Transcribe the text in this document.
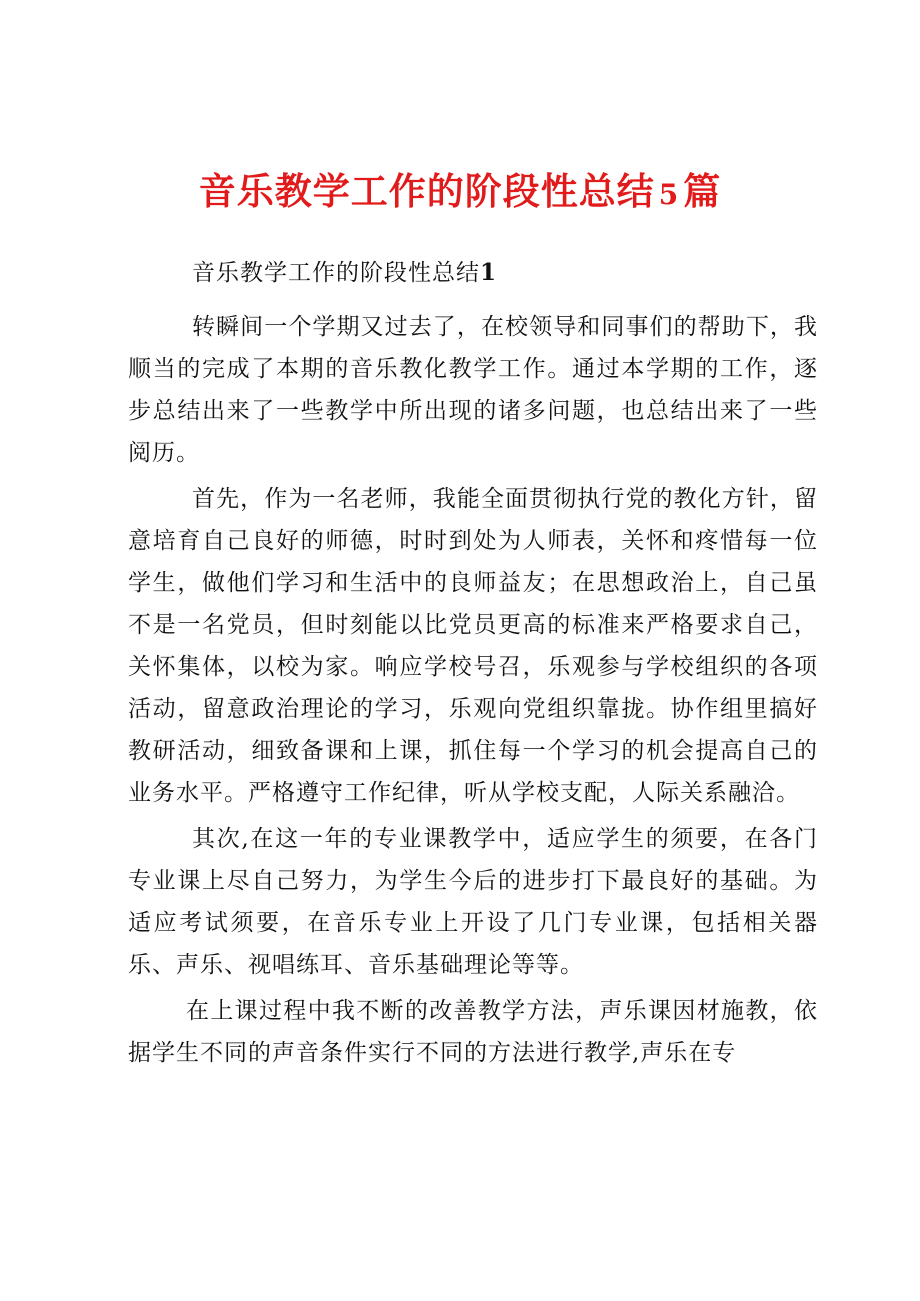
音乐教学工作的阶段性总结 5 篇
音乐教学工作的阶段性总结1

转瞬间一个学期又过去了，在校领导和同事们的帮助下，我顺当的完成了本期的音乐教化教学工作。通过本学期的工作，逐步总结出来了一些教学中所出现的诸多问题，也总结出来了一些阅历。

首先，作为一名老师，我能全面贯彻执行党的教化方针，留意培育自己良好的师德，时时到处为人师表，关怀和疼惜每一位学生，做他们学习和生活中的良师益友；在思想政治上，自己虽不是一名党员，但时刻能以比党员更高的标准来严格要求自己，关怀集体，以校为家。响应学校号召，乐观参与学校组织的各项活动，留意政治理论的学习，乐观向党组织靠拢。协作组里搞好教研活动，细致备课和上课，抓住每一个学习的机会提高自己的业务水平。严格遵守工作纪律，听从学校支配，人际关系融洽。

其次,在这一年的专业课教学中，适应学生的须要，在各门专业课上尽自己努力，为学生今后的进步打下最良好的基础。为适应考试须要，在音乐专业上开设了几门专业课，包括相关器乐、声乐、视唱练耳、音乐基础理论等等。

在上课过程中我不断的改善教学方法，声乐课因材施教，依据学生不同的声音条件实行不同的方法进行教学,声乐在专
